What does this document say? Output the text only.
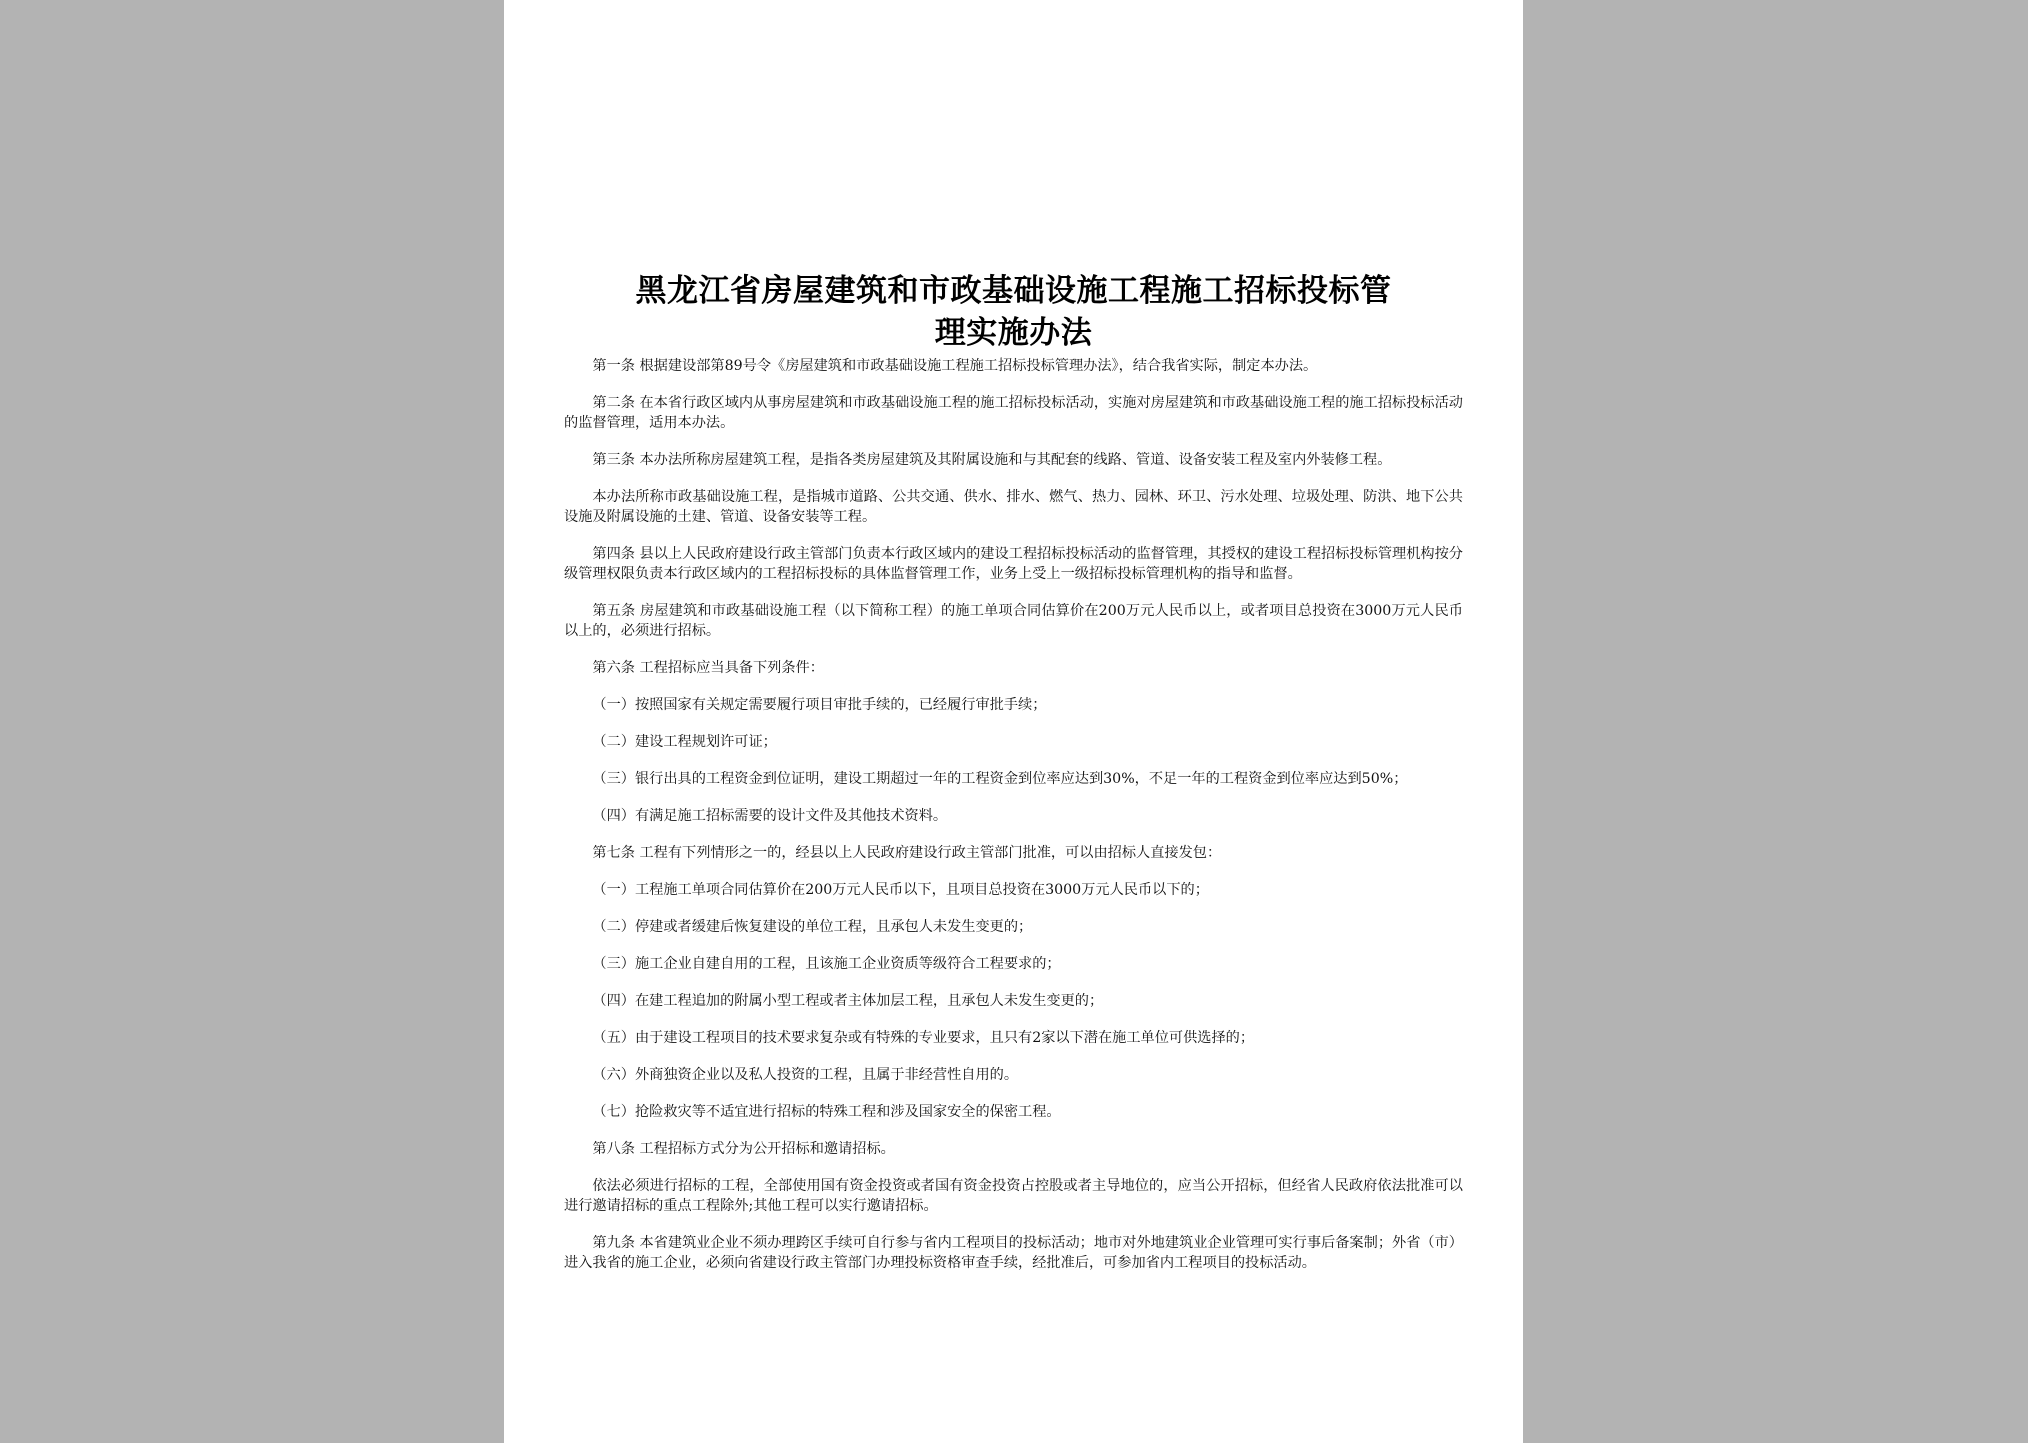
黑龙江省房屋建筑和市政基础设施工程施工招标投标管
理实施办法

第一条 根据建设部第89号令《房屋建筑和市政基础设施工程施工招标投标管理办法》，结合我省实际，制定本办法。

第二条 在本省行政区域内从事房屋建筑和市政基础设施工程的施工招标投标活动，实施对房屋建筑和市政基础设施工程的施工招标投标活动的监督管理，适用本办法。

第三条 本办法所称房屋建筑工程，是指各类房屋建筑及其附属设施和与其配套的线路、管道、设备安装工程及室内外装修工程。

本办法所称市政基础设施工程，是指城市道路、公共交通、供水、排水、燃气、热力、园林、环卫、污水处理、垃圾处理、防洪、地下公共设施及附属设施的土建、管道、设备安装等工程。

第四条 县以上人民政府建设行政主管部门负责本行政区域内的建设工程招标投标活动的监督管理，其授权的建设工程招标投标管理机构按分级管理权限负责本行政区域内的工程招标投标的具体监督管理工作，业务上受上一级招标投标管理机构的指导和监督。

第五条 房屋建筑和市政基础设施工程（以下简称工程）的施工单项合同估算价在200万元人民币以上，或者项目总投资在3000万元人民币以上的，必须进行招标。

第六条 工程招标应当具备下列条件：

（一）按照国家有关规定需要履行项目审批手续的，已经履行审批手续；

（二）建设工程规划许可证；

（三）银行出具的工程资金到位证明，建设工期超过一年的工程资金到位率应达到30%，不足一年的工程资金到位率应达到50%；

（四）有满足施工招标需要的设计文件及其他技术资料。

第七条 工程有下列情形之一的，经县以上人民政府建设行政主管部门批准，可以由招标人直接发包：

（一）工程施工单项合同估算价在200万元人民币以下，且项目总投资在3000万元人民币以下的；

（二）停建或者缓建后恢复建设的单位工程，且承包人未发生变更的；

（三）施工企业自建自用的工程，且该施工企业资质等级符合工程要求的；

（四）在建工程追加的附属小型工程或者主体加层工程，且承包人未发生变更的；

（五）由于建设工程项目的技术要求复杂或有特殊的专业要求，且只有2家以下潜在施工单位可供选择的；

（六）外商独资企业以及私人投资的工程，且属于非经营性自用的。

（七）抢险救灾等不适宜进行招标的特殊工程和涉及国家安全的保密工程。

第八条 工程招标方式分为公开招标和邀请招标。

依法必须进行招标的工程，全部使用国有资金投资或者国有资金投资占控股或者主导地位的，应当公开招标，但经省人民政府依法批准可以进行邀请招标的重点工程除外;其他工程可以实行邀请招标。

第九条 本省建筑业企业不须办理跨区手续可自行参与省内工程项目的投标活动；地市对外地建筑业企业管理可实行事后备案制；外省（市）进入我省的施工企业，必须向省建设行政主管部门办理投标资格审查手续，经批准后，可参加省内工程项目的投标活动。
